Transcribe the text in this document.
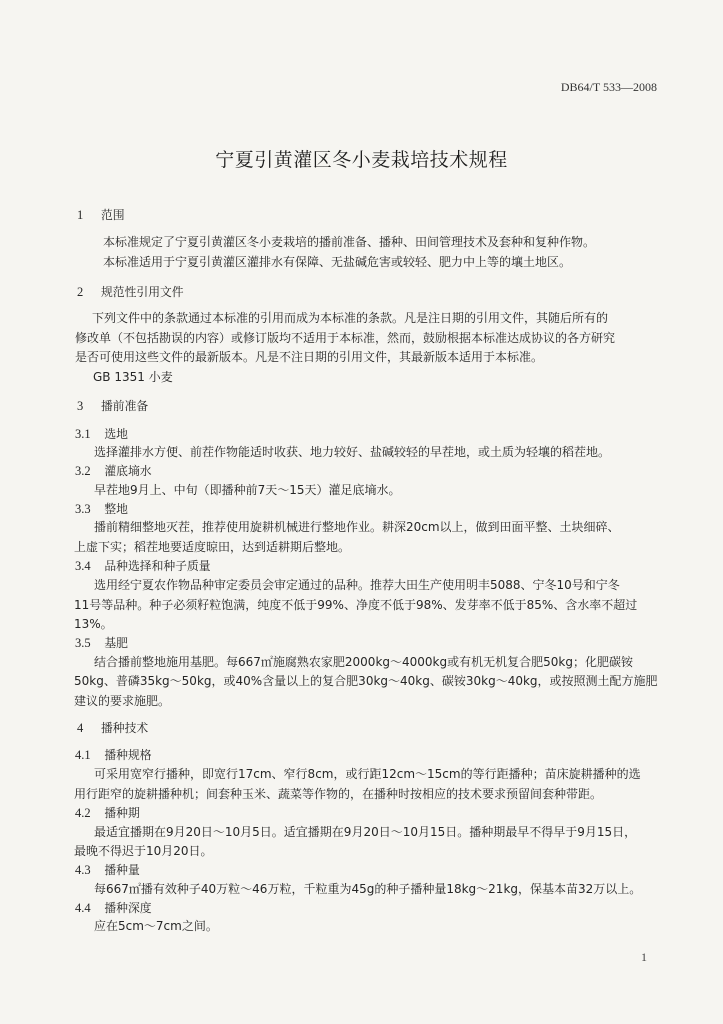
DB64/T 533—2008
宁夏引黄灌区冬小麦栽培技术规程
1 范围
本标准规定了宁夏引黄灌区冬小麦栽培的播前准备、播种、田间管理技术及套种和复种作物。
本标准适用于宁夏引黄灌区灌排水有保障、无盐碱危害或较轻、肥力中上等的壤土地区。
2 规范性引用文件
下列文件中的条款通过本标准的引用而成为本标准的条款。凡是注日期的引用文件，其随后所有的
修改单（不包括勘误的内容）或修订版均不适用于本标准，然而，鼓励根据本标准达成协议的各方研究
是否可使用这些文件的最新版本。凡是不注日期的引用文件，其最新版本适用于本标准。
GB 1351 小麦
3 播前准备
3.1 选地
选择灌排水方便、前茬作物能适时收获、地力较好、盐碱较轻的早茬地，或土质为轻壤的稻茬地。
3.2 灌底墒水
早茬地9月上、中旬（即播种前7天～15天）灌足底墒水。
3.3 整地
播前精细整地灭茬，推荐使用旋耕机械进行整地作业。耕深20cm以上，做到田面平整、土块细碎、
上虚下实；稻茬地要适度晾田，达到适耕期后整地。
3.4 品种选择和种子质量
选用经宁夏农作物品种审定委员会审定通过的品种。推荐大田生产使用明丰5088、宁冬10号和宁冬
11号等品种。种子必须籽粒饱满，纯度不低于99%、净度不低于98%、发芽率不低于85%、含水率不超过
13%。
3.5 基肥
结合播前整地施用基肥。每667㎡施腐熟农家肥2000kg～4000kg或有机无机复合肥50kg；化肥碳铵
50kg、普磷35kg～50kg，或40%含量以上的复合肥30kg～40kg、碳铵30kg～40kg，或按照测土配方施肥
建议的要求施肥。
4 播种技术
4.1 播种规格
可采用宽窄行播种，即宽行17cm、窄行8cm，或行距12cm～15cm的等行距播种；苗床旋耕播种的选
用行距窄的旋耕播种机；间套种玉米、蔬菜等作物的，在播种时按相应的技术要求预留间套种带距。
4.2 播种期
最适宜播期在9月20日～10月5日。适宜播期在9月20日～10月15日。播种期最早不得早于9月15日，
最晚不得迟于10月20日。
4.3 播种量
每667㎡播有效种子40万粒～46万粒，千粒重为45g的种子播种量18kg～21kg，保基本苗32万以上。
4.4 播种深度
应在5cm～7cm之间。
1
